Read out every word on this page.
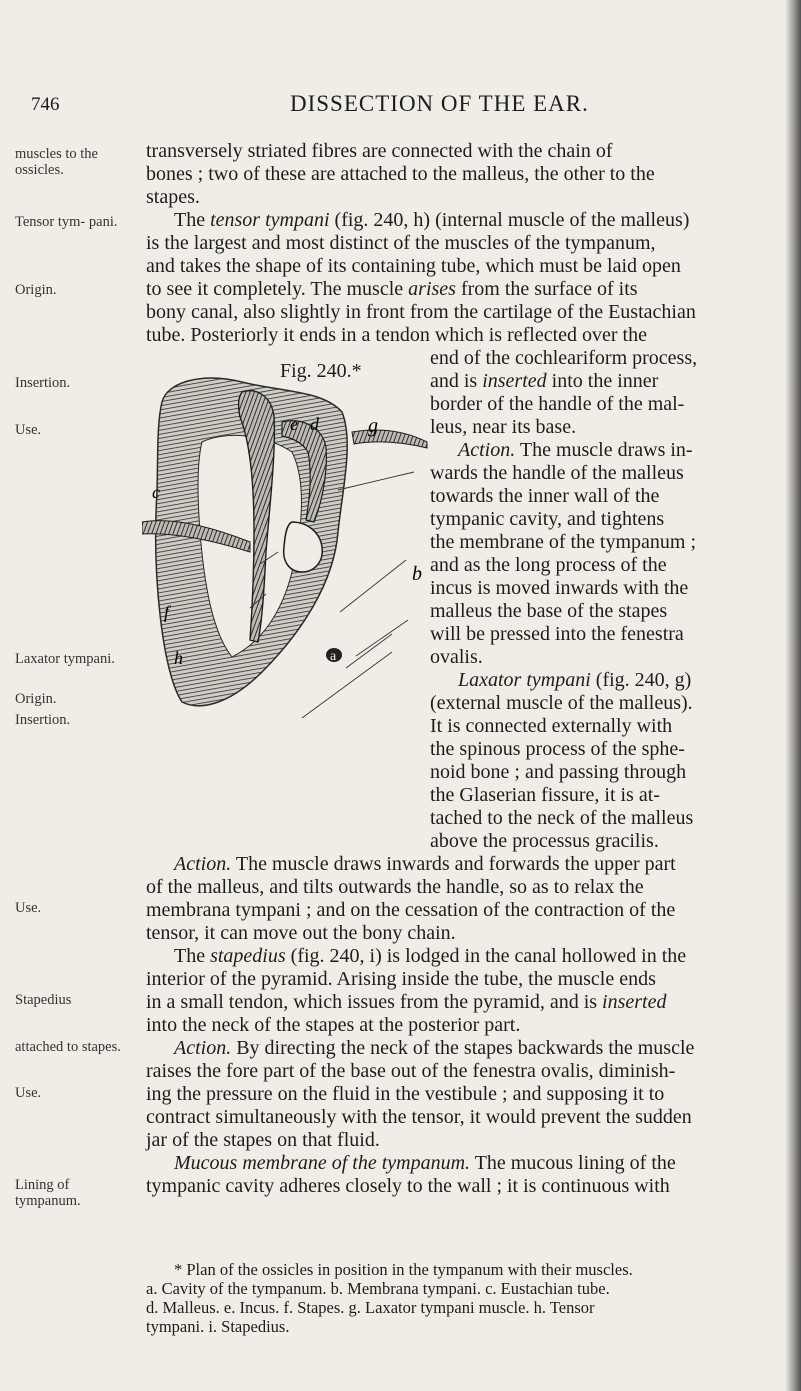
746	DISSECTION OF THE EAR.
muscles to the ossicles.
Tensor tym- pani.
Origin.
Insertion.
Use.
Laxator tympani.
Origin.
Insertion.
Use.
Stapedius
attached to stapes.
Use.
Lining of tympanum.
transversely striated fibres are connected with the chain of
bones ; two of these are attached to the malleus, the other to the
stapes.
The tensor tympani (fig. 240, h) (internal muscle of the malleus)
is the largest and most distinct of the muscles of the tympanum,
and takes the shape of its containing tube, which must be laid open
to see it completely. The muscle arises from the surface of its
bony canal, also slightly in front from the cartilage of the Eustachian
tube. Posteriorly it ends in a tendon which is reflected over the
Fig. 240.*
e d g
c
f
h
b
a
i
end of the cochleariform process,
and is inserted into the inner
border of the handle of the mal-
leus, near its base.
Action. The muscle draws in-
wards the handle of the malleus
towards the inner wall of the
tympanic cavity, and tightens
the membrane of the tympanum ;
and as the long process of the
incus is moved inwards with the
malleus the base of the stapes
will be pressed into the fenestra
ovalis.
Laxator tympani (fig. 240, g)
(external muscle of the malleus).
It is connected externally with
the spinous process of the sphe-
noid bone ; and passing through
the Glaserian fissure, it is at-
tached to the neck of the malleus
above the processus gracilis.
Action. The muscle draws inwards and forwards the upper part
of the malleus, and tilts outwards the handle, so as to relax the
membrana tympani ; and on the cessation of the contraction of the
tensor, it can move out the bony chain.
The stapedius (fig. 240, i) is lodged in the canal hollowed in the
interior of the pyramid. Arising inside the tube, the muscle ends
in a small tendon, which issues from the pyramid, and is inserted
into the neck of the stapes at the posterior part.
Action. By directing the neck of the stapes backwards the muscle
raises the fore part of the base out of the fenestra ovalis, diminish-
ing the pressure on the fluid in the vestibule ; and supposing it to
contract simultaneously with the tensor, it would prevent the sudden
jar of the stapes on that fluid.
Mucous membrane of the tympanum. The mucous lining of the
tympanic cavity adheres closely to the wall ; it is continuous with
* Plan of the ossicles in position in the tympanum with their muscles.
a. Cavity of the tympanum. b. Membrana tympani. c. Eustachian tube.
d. Malleus. e. Incus. f. Stapes. g. Laxator tympani muscle. h. Tensor
tympani. i. Stapedius.
